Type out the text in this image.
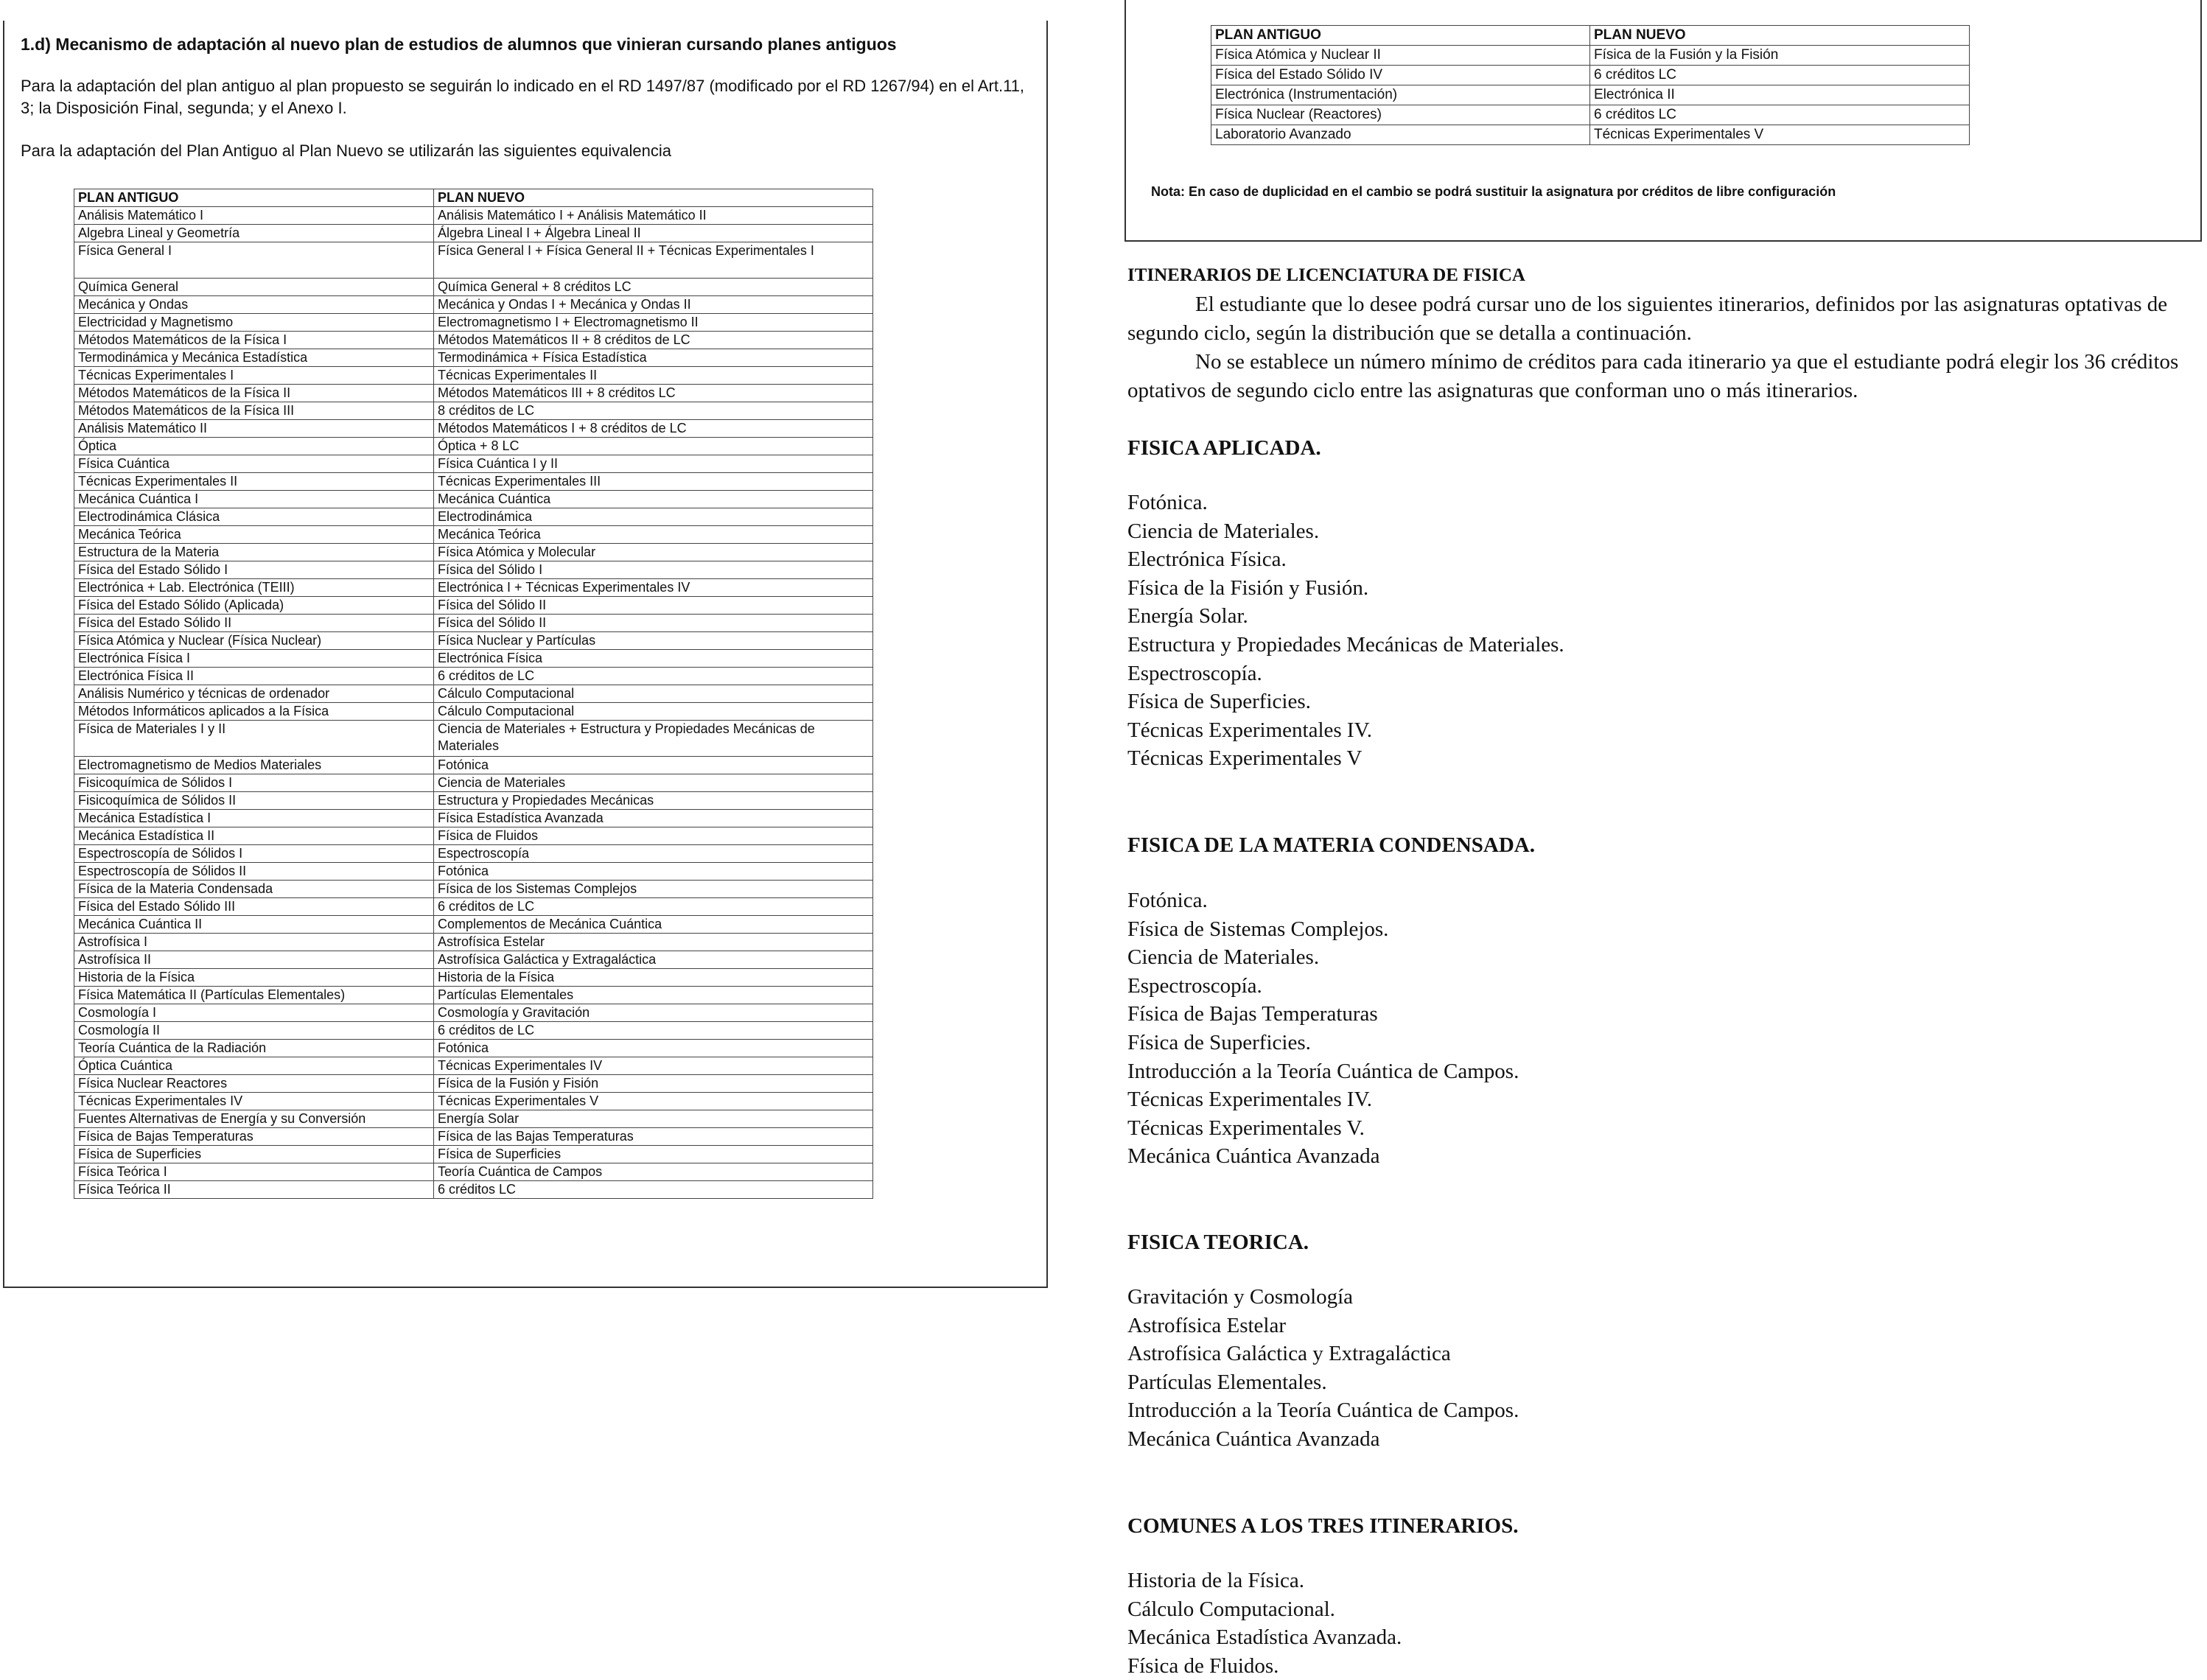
1.d) Mecanismo de adaptación al nuevo plan de estudios de alumnos que vinieran cursando planes antiguos
Para la adaptación del plan antiguo al plan propuesto se seguirán lo indicado en el RD 1497/87 (modificado por el RD 1267/94) en el Art.11, 3; la Disposición Final, segunda; y el Anexo I.
Para la adaptación del Plan Antiguo al Plan Nuevo se utilizarán las siguientes equivalencia
PLAN ANTIGUO	PLAN NUEVO
Análisis Matemático I	Análisis Matemático I + Análisis Matemático II
Algebra Lineal y Geometría	Álgebra Lineal I + Álgebra Lineal II
Física General I	Física General I + Física General II + Técnicas Experimentales I
Química General	Química General + 8 créditos LC
Mecánica y Ondas	Mecánica y Ondas I + Mecánica y Ondas II
Electricidad y Magnetismo	Electromagnetismo I + Electromagnetismo II
Métodos Matemáticos de la Física I	Métodos Matemáticos II + 8 créditos de LC
Termodinámica y Mecánica Estadística	Termodinámica + Física Estadística
Técnicas Experimentales I	Técnicas Experimentales II
Métodos Matemáticos de la Física II	Métodos Matemáticos III + 8 créditos LC
Métodos Matemáticos de la Física III	8 créditos de LC
Análisis Matemático II	Métodos Matemáticos I + 8 créditos de LC
Óptica	Óptica + 8 LC
Física Cuántica	Física Cuántica I y II
Técnicas Experimentales II	Técnicas Experimentales III
Mecánica Cuántica I	Mecánica Cuántica
Electrodinámica Clásica	Electrodinámica
Mecánica Teórica	Mecánica Teórica
Estructura de la Materia	Física Atómica y Molecular
Física del Estado Sólido I	Física del Sólido I
Electrónica + Lab. Electrónica (TEIII)	Electrónica I + Técnicas Experimentales IV
Física del Estado Sólido (Aplicada)	Física del Sólido II
Física del Estado Sólido II	Física del Sólido II
Física Atómica y Nuclear (Física Nuclear)	Física Nuclear y Partículas
Electrónica Física I	Electrónica Física
Electrónica Física II	6 créditos de LC
Análisis Numérico y técnicas de ordenador	Cálculo Computacional
Métodos Informáticos aplicados a la Física	Cálculo Computacional
Física de Materiales I y II	Ciencia de Materiales + Estructura y Propiedades Mecánicas de Materiales
Electromagnetismo de Medios Materiales	Fotónica
Fisicoquímica de Sólidos I	Ciencia de Materiales
Fisicoquímica de Sólidos II	Estructura y Propiedades Mecánicas
Mecánica Estadística I	Física Estadística Avanzada
Mecánica Estadística II	Física de Fluidos
Espectroscopía de Sólidos I	Espectroscopía
Espectroscopía de Sólidos II	Fotónica
Física de la Materia Condensada	Física de los Sistemas Complejos
Física del Estado Sólido III	6 créditos de LC
Mecánica Cuántica II	Complementos de Mecánica Cuántica
Astrofísica I	Astrofísica Estelar
Astrofísica II	Astrofísica Galáctica y Extragaláctica
Historia de la Física	Historia de la Física
Física Matemática II (Partículas Elementales)	Partículas Elementales
Cosmología I	Cosmología y Gravitación
Cosmología II	6 créditos de LC
Teoría Cuántica de la Radiación	Fotónica
Óptica Cuántica	Técnicas Experimentales IV
Física Nuclear Reactores	Física de la Fusión y Fisión
Técnicas Experimentales IV	Técnicas Experimentales V
Fuentes Alternativas de Energía y su Conversión	Energía Solar
Física de Bajas Temperaturas	Física de las Bajas Temperaturas
Física de Superficies	Física de Superficies
Física Teórica I	Teoría Cuántica de Campos
Física Teórica II	6 créditos LC
PLAN ANTIGUO	PLAN NUEVO
Física Atómica y Nuclear II	Física de la Fusión y la Fisión
Física del Estado Sólido IV	6 créditos LC
Electrónica (Instrumentación)	Electrónica II
Física Nuclear (Reactores)	6 créditos LC
Laboratorio Avanzado	Técnicas Experimentales V
Nota: En caso de duplicidad en el cambio se podrá sustituir la asignatura por créditos de libre configuración
ITINERARIOS DE LICENCIATURA DE FISICA

El estudiante que lo desee podrá cursar uno de los siguientes itinerarios, definidos por las asignaturas optativas de segundo ciclo, según la distribución que se detalla a continuación.

No se establece un número mínimo de créditos para cada itinerario ya que el estudiante podrá elegir los 36 créditos optativos de segundo ciclo entre las asignaturas que conforman uno o más itinerarios.

FISICA APLICADA.
Fotónica.
Ciencia de Materiales.
Electrónica Física.
Física de la Fisión y Fusión.
Energía Solar.
Estructura y Propiedades Mecánicas de Materiales.
Espectroscopía.
Física de Superficies.
Técnicas Experimentales IV.
Técnicas Experimentales V
FISICA DE LA MATERIA CONDENSADA.
Fotónica.
Física de Sistemas Complejos.
Ciencia de Materiales.
Espectroscopía.
Física de Bajas Temperaturas
Física de Superficies.
Introducción a la Teoría Cuántica de Campos.
Técnicas Experimentales IV.
Técnicas Experimentales V.
Mecánica Cuántica Avanzada
FISICA TEORICA.
Gravitación y Cosmología
Astrofísica Estelar
Astrofísica Galáctica y Extragaláctica
Partículas Elementales.
Introducción a la Teoría Cuántica de Campos.
Mecánica Cuántica Avanzada
COMUNES A LOS TRES ITINERARIOS.
Historia de la Física.
Cálculo Computacional.
Mecánica Estadística Avanzada.
Física de Fluidos.
